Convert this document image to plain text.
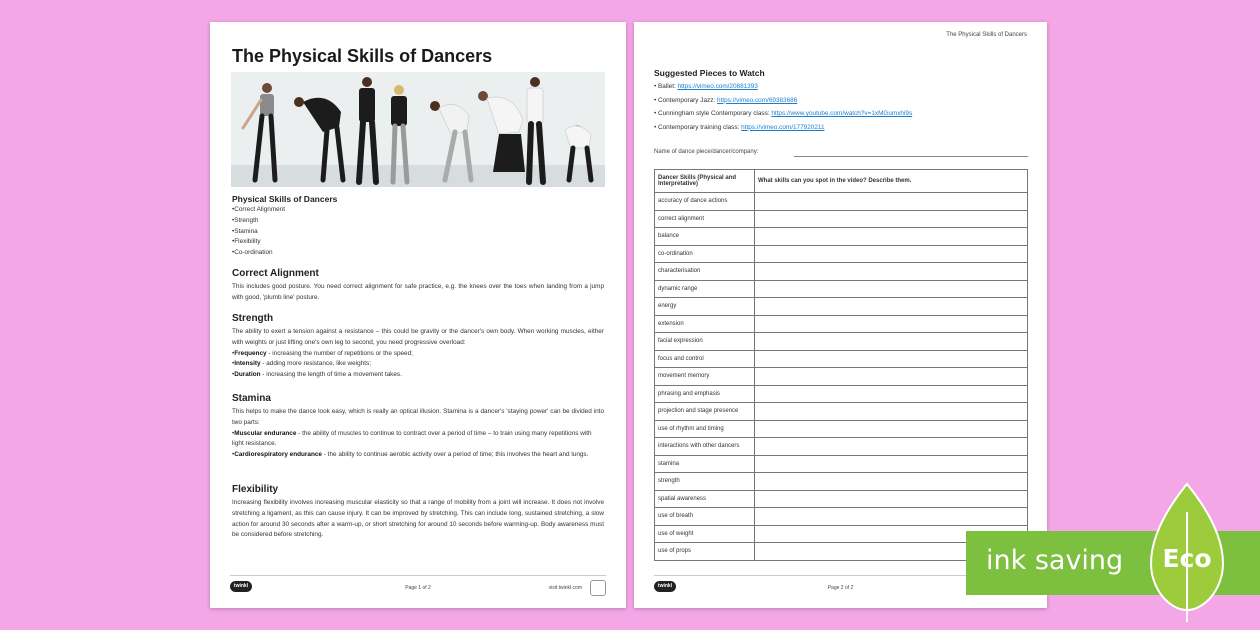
The Physical Skills of Dancers
Physical Skills of Dancers
• Correct Alignment
• Strength
• Stamina
• Flexibility
• Co-ordination
Correct Alignment

This includes good posture. You need correct alignment for safe practice, e.g. the knees over the toes when landing from a jump with good, 'plumb line' posture.

Strength

The ability to exert a tension against a resistance – this could be gravity or the dancer's own body. When working muscles, either with weights or just lifting one's own leg to second, you need progressive overload:

• Frequency - increasing the number of repetitions or the speed;
• Intensity - adding more resistance, like weights;
• Duration - increasing the length of time a movement takes.
Stamina

This helps to make the dance look easy, which is really an optical illusion. Stamina is a dancer's 'staying power' can be divided into two parts:

• Muscular endurance - the ability of muscles to continue to contract over a period of time – to train using many repetitions with light resistance.
• Cardiorespiratory endurance - the ability to continue aerobic activity over a period of time; this involves the heart and lungs.
Flexibility

Increasing flexibility involves increasing muscular elasticity so that a range of mobility from a joint will increase. It does not involve stretching a ligament, as this can cause injury. It can be improved by stretching. This can include long, sustained stretching, a slow action for around 30 seconds after a warm-up, or short stretching for around 10 seconds before warming-up. Body awareness must be considered before stretching.

twinkl	Page 1 of 2	visit twinkl.com
The Physical Skills of Dancers
Suggested Pieces to Watch
• Ballet: https://vimeo.com/20881393
• Contemporary Jazz: https://vimeo.com/69383686
• Cunningham style Contemporary class: https://www.youtube.com/watch?v=1xMGumxhi9s
• Contemporary training class: https://vimeo.com/177920211
Name of dance piece/dancer/company:
Dancer Skills (Physical and Interpretative)	What skills can you spot in the video? Describe them.
accuracy of dance actions	
correct alignment	
balance	
co-ordination	
characterisation	
dynamic range	
energy	
extension	
facial expression	
focus and control	
movement memory	
phrasing and emphasis	
projection and stage presence	
use of rhythm and timing	
interactions with other dancers	
stamina	
strength	
spatial awareness	
use of breath	
use of weight	
use of props	
twinkl	Page 2 of 2
ink saving	Eco
